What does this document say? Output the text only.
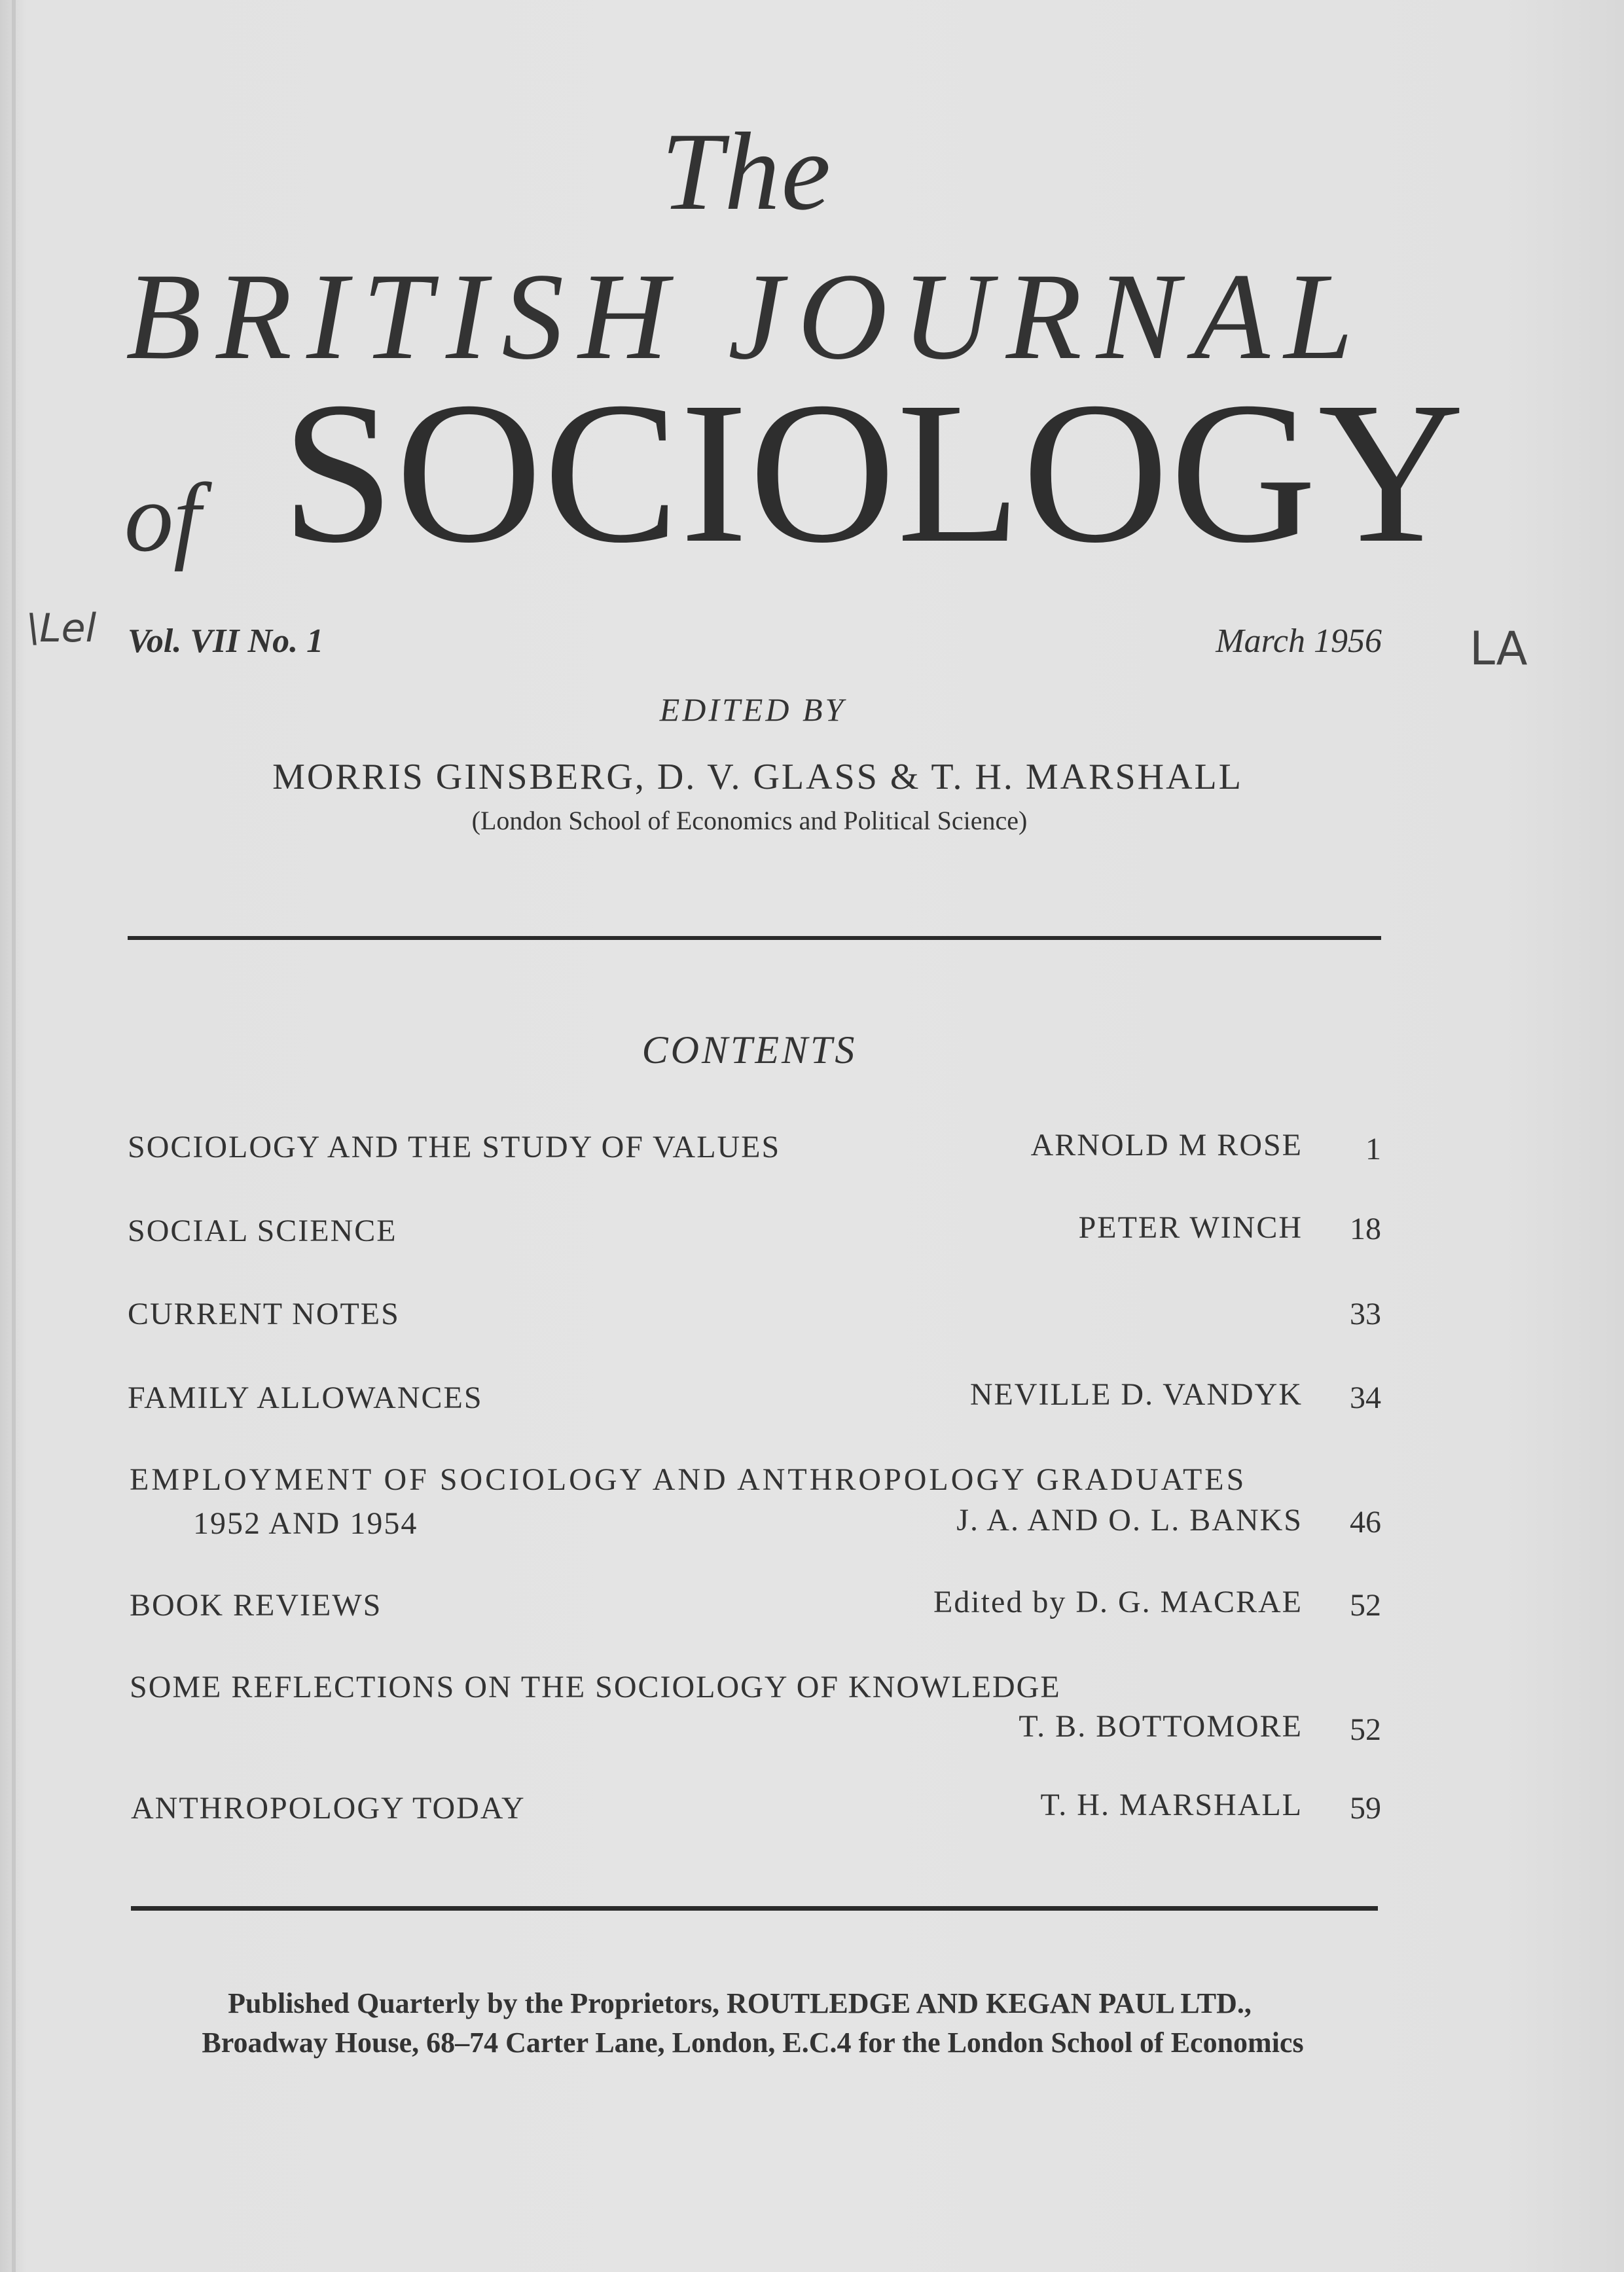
The

BRITISH JOURNAL

of SOCIOLOGY

\Lel Vol. VII No. 1	March 1956 LA

EDITED BY

MORRIS GINSBERG, D. V. GLASS & T. H. MARSHALL

(London School of Economics and Political Science)

CONTENTS

SOCIOLOGY AND THE STUDY OF VALUES	ARNOLD M ROSE	1

SOCIAL SCIENCE	PETER WINCH	18

CURRENT NOTES	33

FAMILY ALLOWANCES	NEVILLE D. VANDYK	34

EMPLOYMENT OF SOCIOLOGY AND ANTHROPOLOGY GRADUATES

1952 AND 1954	J. A. AND O. L. BANKS	46

BOOK REVIEWS	Edited by D. G. MACRAE	52

SOME REFLECTIONS ON THE SOCIOLOGY OF KNOWLEDGE

T. B. BOTTOMORE	52

ANTHROPOLOGY TODAY	T. H. MARSHALL	59

Published Quarterly by the Proprietors, ROUTLEDGE AND KEGAN PAUL LTD.,

Broadway House, 68–74 Carter Lane, London, E.C.4 for the London School of Economics
